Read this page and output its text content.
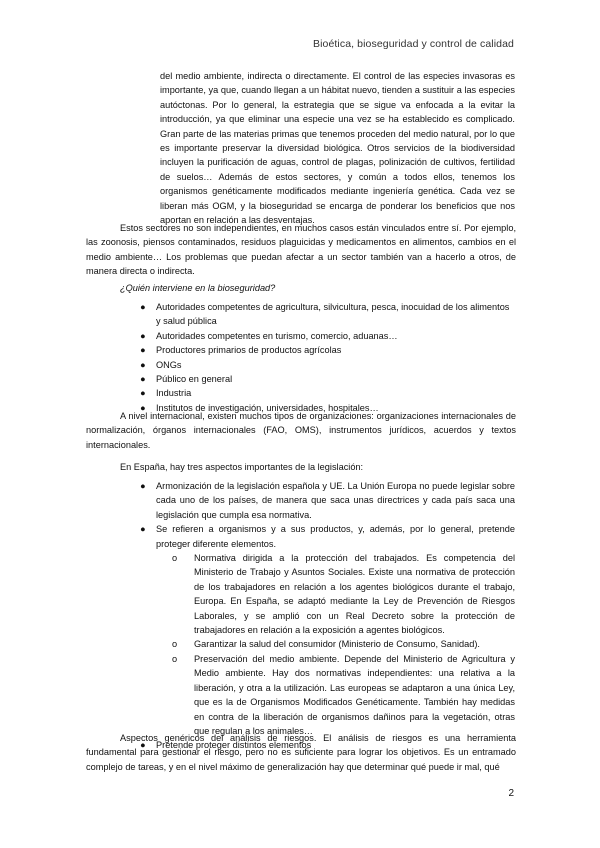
Bioética, bioseguridad y control de calidad

del medio ambiente, indirecta o directamente. El control de las especies invasoras es importante, ya que, cuando llegan a un hábitat nuevo, tienden a sustituir a las especies autóctonas. Por lo general, la estrategia que se sigue va enfocada a la evitar la introducción, ya que eliminar una especie una vez se ha establecido es complicado. Gran parte de las materias primas que tenemos proceden del medio natural, por lo que es importante preservar la diversidad biológica. Otros servicios de la biodiversidad incluyen la purificación de aguas, control de plagas, polinización de cultivos, fertilidad de suelos… Además de estos sectores, y común a todos ellos, tenemos los organismos genéticamente modificados mediante ingeniería genética. Cada vez se liberan más OGM, y la bioseguridad se encarga de ponderar los beneficios que nos aportan en relación a las desventajas.

Estos sectores no son independientes, en muchos casos están vinculados entre sí. Por ejemplo, las zoonosis, piensos contaminados, residuos plaguicidas y medicamentos en alimentos, cambios en el medio ambiente… Los problemas que puedan afectar a un sector también van a hacerlo a otros, de manera directa o indirecta.

¿Quién interviene en la bioseguridad?
● Autoridades competentes de agricultura, silvicultura, pesca, inocuidad de los alimentos y salud pública
● Autoridades competentes en turismo, comercio, aduanas…
● Productores primarios de productos agrícolas
● ONGs
● Público en general
● Industria
● Institutos de investigación, universidades, hospitales…

A nivel internacional, existen muchos tipos de organizaciones: organizaciones internacionales de normalización, órganos internacionales (FAO, OMS), instrumentos jurídicos, acuerdos y textos internacionales.

En España, hay tres aspectos importantes de la legislación:

● Armonización de la legislación española y UE. La Unión Europa no puede legislar sobre cada uno de los países, de manera que saca unas directrices y cada país saca una legislación que cumpla esa normativa.
● Se refieren a organismos y a sus productos, y, además, por lo general, pretende proteger diferente elementos.
o Normativa dirigida a la protección del trabajados. Es competencia del Ministerio de Trabajo y Asuntos Sociales. Existe una normativa de protección de los trabajadores en relación a los agentes biológicos durante el trabajo, Europa. En España, se adaptó mediante la Ley de Prevención de Riesgos Laborales, y se amplió con un Real Decreto sobre la protección de trabajadores en relación a la exposición a agentes biológicos.
o Garantizar la salud del consumidor (Ministerio de Consumo, Sanidad).
o Preservación del medio ambiente. Depende del Ministerio de Agricultura y Medio ambiente. Hay dos normativas independientes: una relativa a la liberación, y otra a la utilización. Las europeas se adaptaron a una única Ley, que es la de Organismos Modificados Genéticamente. También hay medidas en contra de la liberación de organismos dañinos para la vegetación, otras que regulan a los animales…
● Pretende proteger distintos elementos

Aspectos genéricos del análisis de riesgos. El análisis de riesgos es una herramienta fundamental para gestionar el riesgo, pero no es suficiente para lograr los objetivos. Es un entramado complejo de tareas, y en el nivel máximo de generalización hay que determinar qué puede ir mal, qué

2
